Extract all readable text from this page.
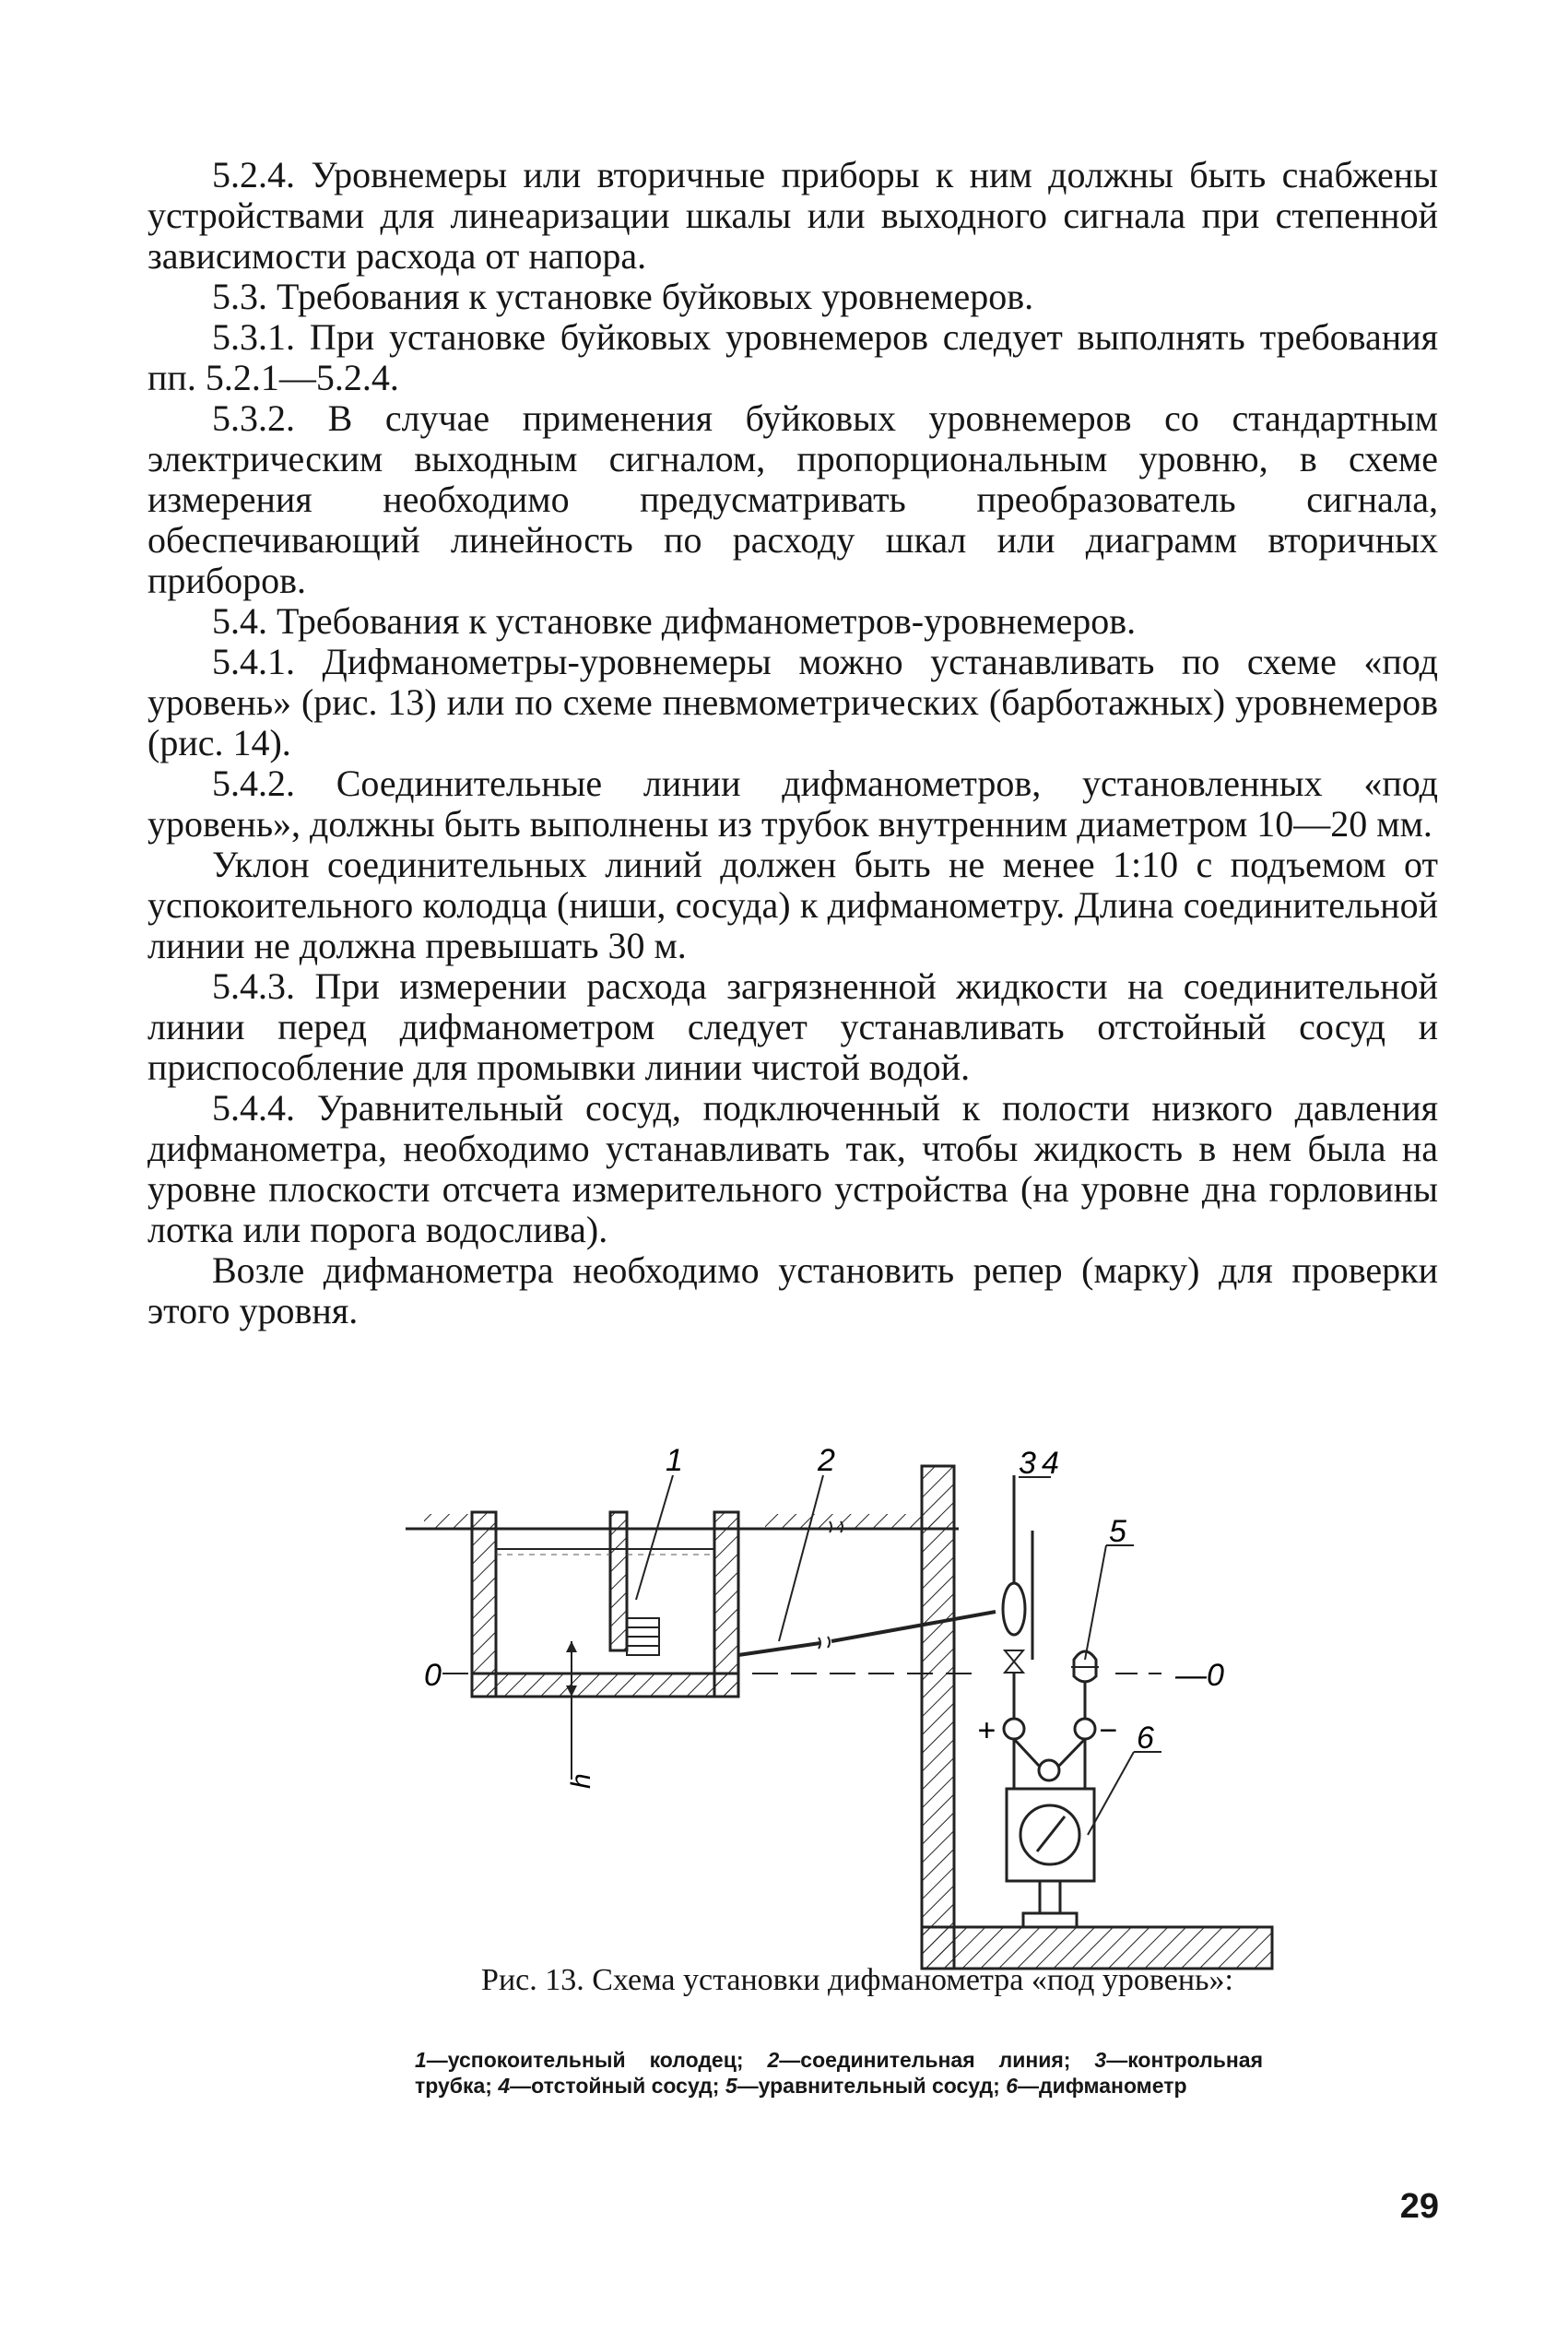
5.2.4. Уровнемеры или вторичные приборы к ним должны быть снабжены устройствами для линеаризации шкалы или выходного сигнала при степенной зависимости расхода от напора.

5.3. Требования к установке буйковых уровнемеров.

5.3.1. При установке буйковых уровнемеров следует выполнять требования пп. 5.2.1—5.2.4.

5.3.2. В случае применения буйковых уровнемеров со стандартным электрическим выходным сигналом, пропорциональным уровню, в схеме измерения необходимо предусматривать преобразователь сигнала, обеспечивающий линейность по расходу шкал или диаграмм вторичных приборов.

5.4. Требования к установке дифманометров-уровнемеров.

5.4.1. Дифманометры-уровнемеры можно устанавливать по схеме «под уровень» (рис. 13) или по схеме пневмометрических (барботажных) уровнемеров (рис. 14).

5.4.2. Соединительные линии дифманометров, установленных «под уровень», должны быть выполнены из трубок внутренним диаметром 10—20 мм.

Уклон соединительных линий должен быть не менее 1:10 с подъемом от успокоительного колодца (ниши, сосуда) к дифманометру. Длина соединительной линии не должна превышать 30 м.

5.4.3. При измерении расхода загрязненной жидкости на соединительной линии перед дифманометром следует устанавливать отстойный сосуд и приспособление для промывки линии чистой водой.

5.4.4. Уравнительный сосуд, подключенный к полости низкого давления дифманометра, необходимо устанавливать так, чтобы жидкость в нем была на уровне плоскости отсчета измерительного устройства (на уровне дна горловины лотка или порога водослива).

Возле дифманометра необходимо установить репер (марку) для проверки этого уровня.

0	—0
h
+	−
1	2	3 4
5
6
Рис. 13. Схема установки дифманометра «под уровень»:
1—успокоительный колодец; 2—соединительная линия; 3—контрольная трубка; 4—отстойный сосуд; 5—уравнительный сосуд; 6—дифманометр
29
